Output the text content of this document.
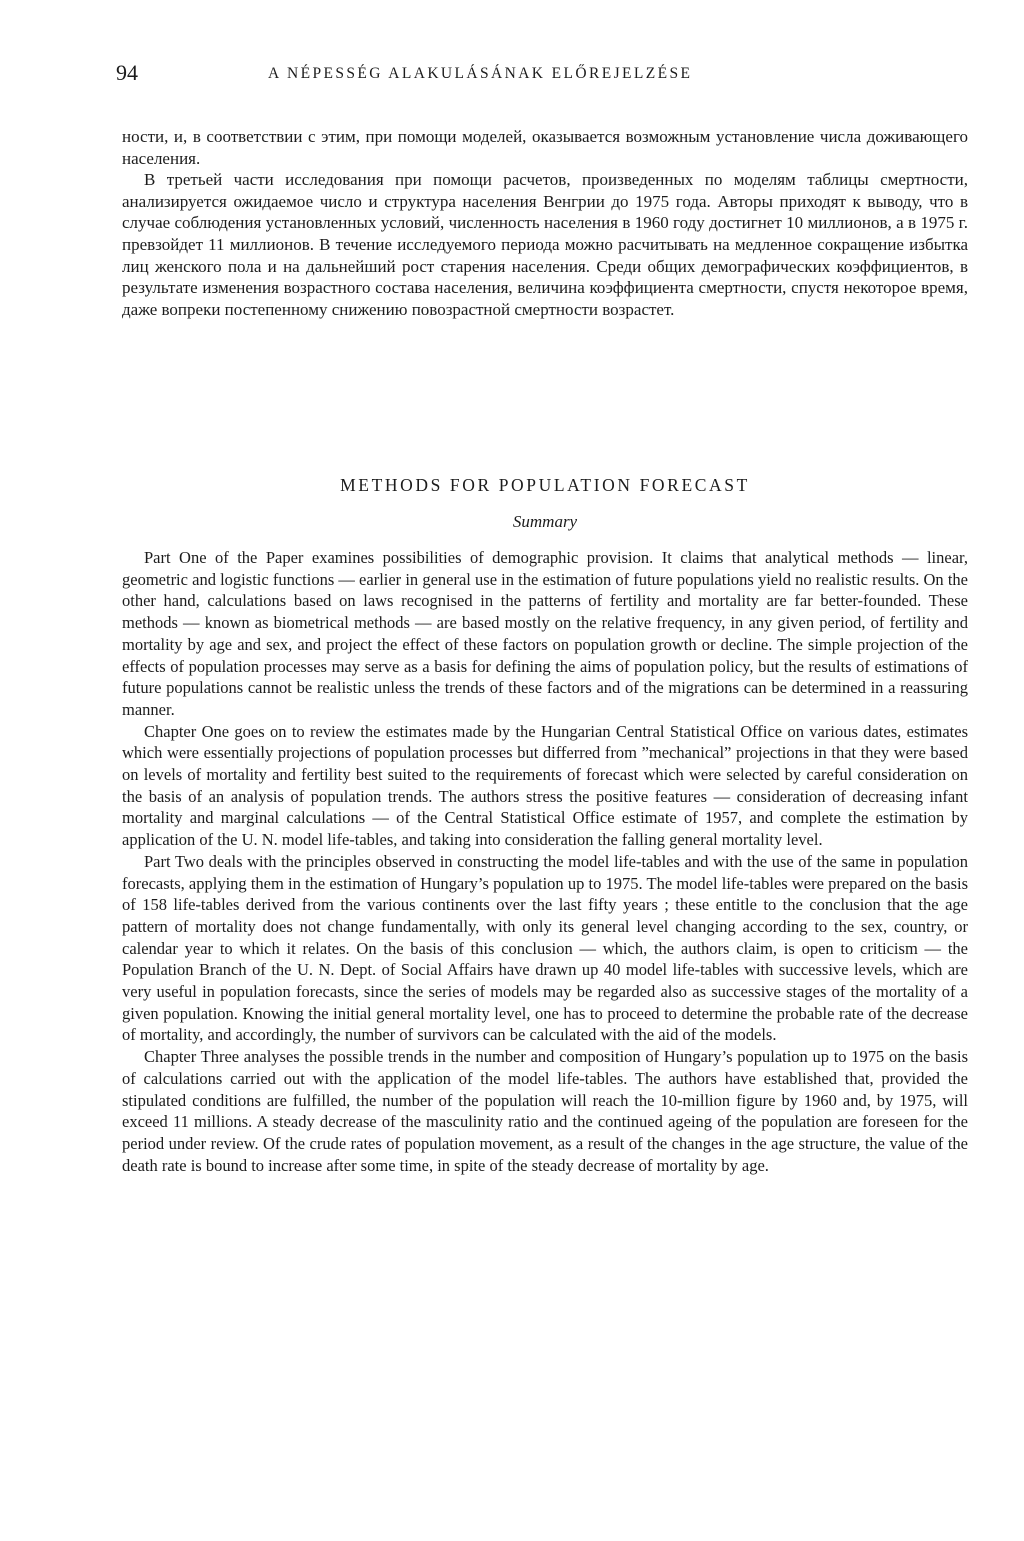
94	A NÉPESSÉG ALAKULÁSÁNAK ELŐREJELZÉSE

ности, и, в соответствии с этим, при помощи моделей, оказывается возможным установление числа доживающего населения.

В третьей части исследования при помощи расчетов, произведенных по моделям таблицы смертности, анализируется ожидаемое число и структура населения Венгрии до 1975 года. Авторы приходят к выводу, что в случае соблюдения установленных условий, численность населения в 1960 году достигнет 10 миллионов, а в 1975 г. превзойдет 11 миллионов. В течение исследуемого периода можно расчитывать на медленное сокращение избытка лиц женского пола и на дальнейший рост старения населения. Среди общих демографических коэффициентов, в результате изменения возрастного состава населения, величина коэффициента смертности, спустя некоторое время, даже вопреки постепенному снижению повозрастной смертности возрастет.

METHODS FOR POPULATION FORECAST
Summary

Part One of the Paper examines possibilities of demographic provision. It claims that analytical methods — linear, geometric and logistic functions — earlier in general use in the estimation of future populations yield no realistic results. On the other hand, calculations based on laws recognised in the patterns of fertility and mortality are far better-founded. These methods — known as biometrical methods — are based mostly on the relative frequency, in any given period, of fertility and mortality by age and sex, and project the effect of these factors on population growth or decline. The simple projection of the effects of population processes may serve as a basis for defining the aims of population policy, but the results of estimations of future populations cannot be realistic unless the trends of these factors and of the migrations can be determined in a reassuring manner.

Chapter One goes on to review the estimates made by the Hungarian Central Statistical Office on various dates, estimates which were essentially projections of population processes but differred from ”mechanical” projections in that they were based on levels of mortality and fertility best suited to the requirements of forecast which were selected by careful consideration on the basis of an analysis of population trends. The authors stress the positive features — consideration of decreasing infant mortality and marginal calculations — of the Central Statistical Office estimate of 1957, and complete the estimation by application of the U. N. model life-tables, and taking into consideration the falling general mortality level.

Part Two deals with the principles observed in constructing the model life-tables and with the use of the same in population forecasts, applying them in the estimation of Hungary’s population up to 1975. The model life-tables were prepared on the basis of 158 life-tables derived from the various continents over the last fifty years ; these entitle to the conclusion that the age pattern of mortality does not change fundamentally, with only its general level changing according to the sex, country, or calendar year to which it relates. On the basis of this conclusion — which, the authors claim, is open to criticism — the Population Branch of the U. N. Dept. of Social Affairs have drawn up 40 model life-tables with successive levels, which are very useful in population forecasts, since the series of models may be regarded also as successive stages of the mortality of a given population. Knowing the initial general mortality level, one has to proceed to determine the probable rate of the decrease of mortality, and accordingly, the number of survivors can be calculated with the aid of the models.

Chapter Three analyses the possible trends in the number and composition of Hungary’s population up to 1975 on the basis of calculations carried out with the application of the model life-tables. The authors have established that, provided the stipulated conditions are fulfilled, the number of the population will reach the 10-million figure by 1960 and, by 1975, will exceed 11 millions. A steady decrease of the masculinity ratio and the continued ageing of the population are foreseen for the period under review. Of the crude rates of population movement, as a result of the changes in the age structure, the value of the death rate is bound to increase after some time, in spite of the steady decrease of mortality by age.
